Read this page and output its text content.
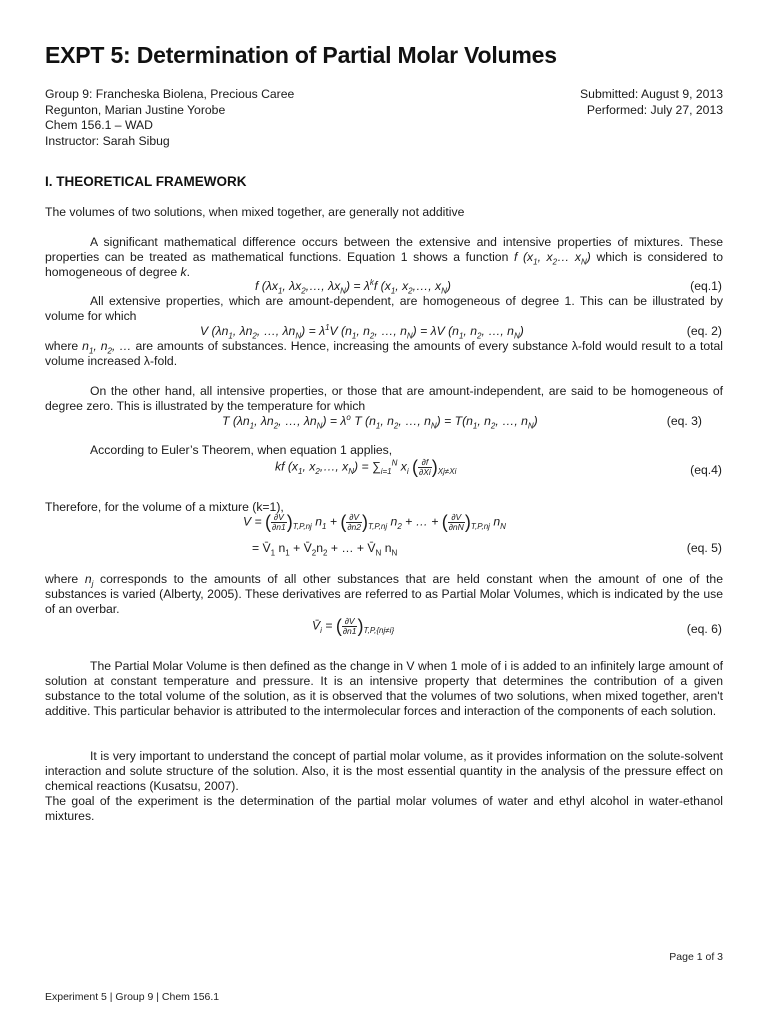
EXPT 5: Determination of Partial Molar Volumes
Group 9: Francheska Biolena, Precious Caree
Regunton, Marian Justine Yorobe
Chem 156.1 – WAD
Instructor: Sarah Sibug
Submitted: August 9, 2013
Performed: July 27, 2013
I. THEORETICAL FRAMEWORK
The volumes of two solutions, when mixed together, are generally not additive
A significant mathematical difference occurs between the extensive and intensive properties of mixtures. These properties can be treated as mathematical functions. Equation 1 shows a function f ($x_1$, $x_2\dots$ $x_N$) which is considered to homogeneous of degree k.
f ($\lambda x_1$, $\lambda x_2,\dots$, $\lambda x_N) = \lambda^kf$ ($x_1$, $x_2,\dots$, $x_N$)	(eq.1)
All extensive properties, which are amount-dependent, are homogeneous of degree 1. This can be illustrated by volume for which
V ($\lambda n_1$, $\lambda n_2$, …, $\lambda n_N) = \lambda^1V$ ($n_1$, $n_2$, …, $n_N) = \lambda V$ ($n_1$, $n_2$, …, $n_N$)	(eq. 2)
where $n_1$, $n_2$, … are amounts of substances. Hence, increasing the amounts of every substance λ-fold would result to a total volume increased λ-fold.
On the other hand, all intensive properties, or those that are amount-independent, are said to be homogeneous of degree zero. This is illustrated by the temperature for which
T ($\lambda n_1$, $\lambda n_2$, …, $\lambda n_N) = \lambda^o$ T ($n_1$, $n_2$, …, $n_N) = T(n_1$, $n_2$, …, $n_N$)	(eq. 3)
According to Euler’s Theorem, when equation 1 applies,
kf ($x_1$, $x_2,\dots$, $x_N) = \sum_{i=1}^N$ $x_i$ ( $\frac{\partial f}{\partial Xi} )_{Xj\ne Xi}$	(eq.4)
Therefore, for the volume of a mixture (k=1),
V = ( $\frac{\partial V}{\partial n1} )_{T,P,nj}$ $n_1$ + ( $\frac{\partial V}{\partial n2} )_{T,P,nj}$ $n_2$ + … + ( $\frac{\partial V}{\partial nN} )_{T,P,nj}$ $n_N$
= $V̄_1$ $n_1$ + $V̄_2n_2$ + … + $V̄_N$ $n_N$	(eq. 5)
where $n_j$ corresponds to the amounts of all other substances that are held constant when the amount of one of the substances is varied (Alberty, 2005). These derivatives are referred to as Partial Molar Volumes, which is indicated by the use of an overbar.
$V̄_i$ = ( $\frac{\partial V}{\partial n1} )_{T,P,\{nj\ne i\}}$	(eq. 6)
The Partial Molar Volume is then defined as the change in V when 1 mole of i is added to an infinitely large amount of solution at constant temperature and pressure. It is an intensive property that determines the contribution of a given substance to the total volume of the solution, as it is observed that the volumes of two solutions, when mixed together, aren't additive. This particular behavior is attributed to the intermolecular forces and interaction of the components of each solution.
It is very important to understand the concept of partial molar volume, as it provides information on the solute-solvent interaction and solute structure of the solution. Also, it is the most essential quantity in the analysis of the pressure effect on chemical reactions (Kusatsu, 2007).
The goal of the experiment is the determination of the partial molar volumes of water and ethyl alcohol in water-ethanol mixtures.
Page 1 of 3
Experiment 5 | Group 9 | Chem 156.1
